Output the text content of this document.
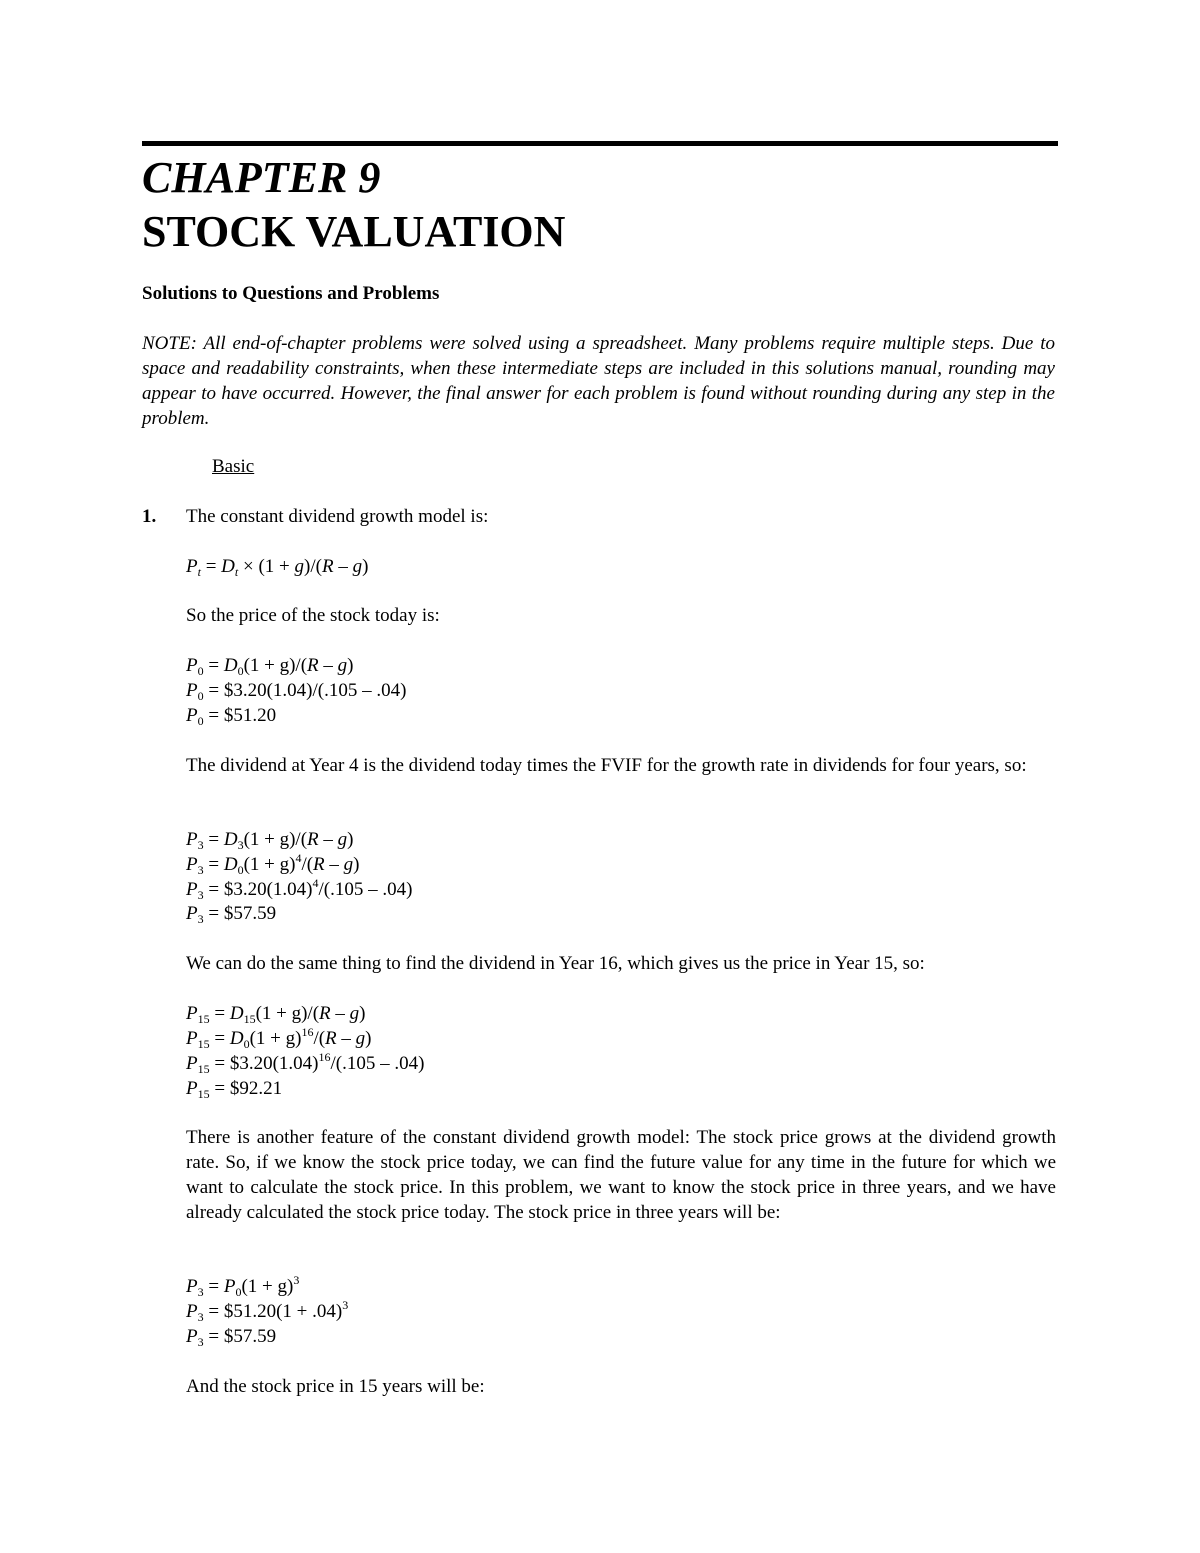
CHAPTER 9
STOCK VALUATION
Solutions to Questions and Problems

NOTE: All end-of-chapter problems were solved using a spreadsheet. Many problems require multiple steps. Due to space and readability constraints, when these intermediate steps are included in this solutions manual, rounding may appear to have occurred. However, the final answer for each problem is found without rounding during any step in the problem.

Basic
1. The constant dividend growth model is:
$P_t = D_t \times (1 + g)/(R - g)$
So the price of the stock today is:
$P_0 = D_0(1 + g)/(R - g)$
$P_0$ = $3.20(1.04)/(.105 – .04)
$P_0$ = $51.20

The dividend at Year 4 is the dividend today times the FVIF for the growth rate in dividends for four years, so:

$P_3 = D_3(1 + g)/(R - g)$
$P_3 = D_0(1 + g)^4/(R - g)$
$P_3$ = $\$3.20(1.04)^4/(.105 - .04)$
$P_3$ = $57.59
We can do the same thing to find the dividend in Year 16, which gives us the price in Year 15, so:
$P_{15} = D_{15}(1 + g)/(R - g)$
$P_{15} = D_0(1 + g)^{16}/(R - g)$
$P_{15}$ = $\$3.20(1.04)^{16}/(.105 - .04)$
$P_{15}$ = $92.21

There is another feature of the constant dividend growth model: The stock price grows at the dividend growth rate. So, if we know the stock price today, we can find the future value for any time in the future for which we want to calculate the stock price. In this problem, we want to know the stock price in three years, and we have already calculated the stock price today. The stock price in three years will be:

$P_3 = P_0(1 + g)^3$
$P_3$ = $51.20(1 + .04)$^3$
$P_3$ = $57.59
And the stock price in 15 years will be:
